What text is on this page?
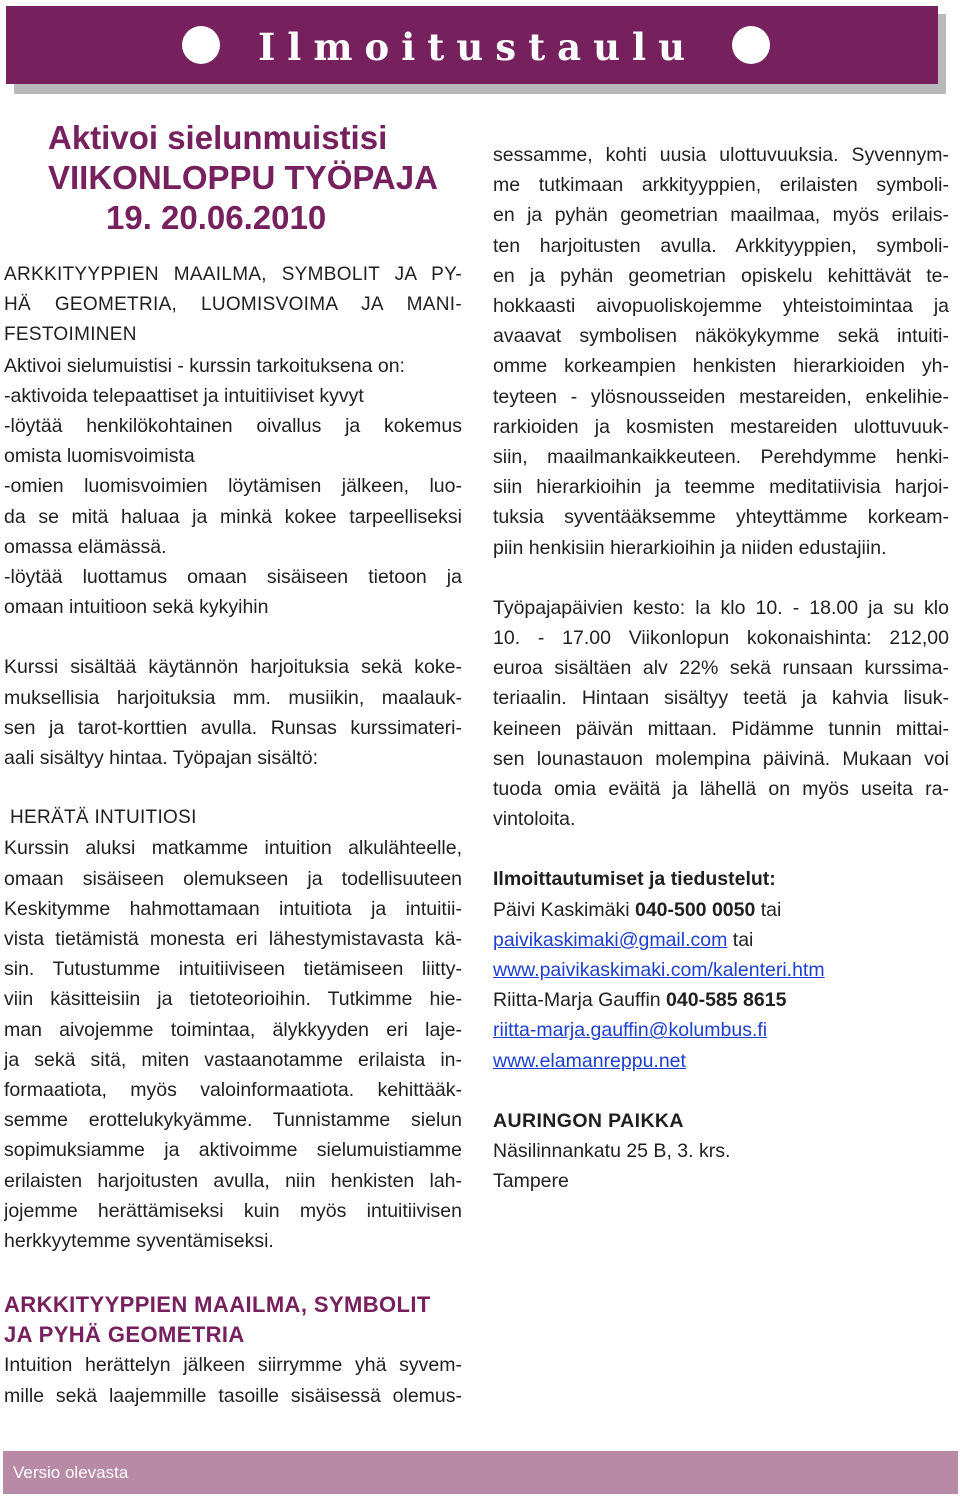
Ilmoitustaulu
Aktivoi sielunmuistisi
VIIKONLOPPU TYÖPAJA
19. 20.06.2010
ARKKITYYPPIEN MAAILMA, SYMBOLIT JA PY-
HÄ GEOMETRIA, LUOMISVOIMA JA MANI-
FESTOIMINEN
Aktivoi sielumuistisi - kurssin tarkoituksena on:
-aktivoida telepaattiset ja intuitiiviset kyvyt
-löytää henkilökohtainen oivallus ja kokemus
omista luomisvoimista
-omien luomisvoimien löytämisen jälkeen, luo-
da se mitä haluaa ja minkä kokee tarpeelliseksi
omassa elämässä.
-löytää luottamus omaan sisäiseen tietoon ja
omaan intuitioon sekä kykyihin
Kurssi sisältää käytännön harjoituksia sekä koke-
muksellisia harjoituksia mm. musiikin, maalauk-
sen ja tarot-korttien avulla. Runsas kurssimateri-
aali sisältyy hintaa. Työpajan sisältö:
HERÄTÄ INTUITIOSI
Kurssin aluksi matkamme intuition alkulähteelle,
omaan sisäiseen olemukseen ja todellisuuteen
Keskitymme hahmottamaan intuitiota ja intuitii-
vista tietämistä monesta eri lähestymistavasta kä-
sin. Tutustumme intuitiiviseen tietämiseen liitty-
viin käsitteisiin ja tietoteorioihin. Tutkimme hie-
man aivojemme toimintaa, älykkyyden eri laje-
ja sekä sitä, miten vastaanotamme erilaista in-
formaatiota, myös valoinformaatiota. kehittääk-
semme erottelukykyämme. Tunnistamme sielun
sopimuksiamme ja aktivoimme sielumuistiamme
erilaisten harjoitusten avulla, niin henkisten lah-
jojemme herättämiseksi kuin myös intuitiivisen
herkkyytemme syventämiseksi.
ARKKITYYPPIEN MAAILMA, SYMBOLIT
JA PYHÄ GEOMETRIA
Intuition herättelyn jälkeen siirrymme yhä syvem-
mille sekä laajemmille tasoille sisäisessä olemus-
sessamme, kohti uusia ulottuvuuksia. Syvennym-
me tutkimaan arkkityyppien, erilaisten symboli-
en ja pyhän geometrian maailmaa, myös erilais-
ten harjoitusten avulla. Arkkityyppien, symboli-
en ja pyhän geometrian opiskelu kehittävät te-
hokkaasti aivopuoliskojemme yhteistoimintaa ja
avaavat symbolisen näkökykymme sekä intuiti-
omme korkeampien henkisten hierarkioiden yh-
teyteen - ylösnousseiden mestareiden, enkelihie-
rarkioiden ja kosmisten mestareiden ulottuvuuk-
siin, maailmankaikkeuteen. Perehdymme henki-
siin hierarkioihin ja teemme meditatiivisia harjoi-
tuksia syventääksemme yhteyttämme korkeam-
piin henkisiin hierarkioihin ja niiden edustajiin.
Työpajapäivien kesto: la klo 10. - 18.00 ja su klo
10. - 17.00 Viikonlopun kokonaishinta: 212,00
euroa sisältäen alv 22% sekä runsaan kurssima-
teriaalin. Hintaan sisältyy teetä ja kahvia lisuk-
keineen päivän mittaan. Pidämme tunnin mittai-
sen lounastauon molempina päivinä. Mukaan voi
tuoda omia eväitä ja lähellä on myös useita ra-
vintoloita.
Ilmoittautumiset ja tiedustelut:
Päivi Kaskimäki 040-500 0050 tai
paivikaskimaki@gmail.com tai
www.paivikaskimaki.com/kalenteri.htm
Riitta-Marja Gauffin 040-585 8615
riitta-marja.gauffin@kolumbus.fi
www.elamanreppu.net
AURINGON PAIKKA
Näsilinnankatu 25 B, 3. krs.
Tampere
Versio olevasta
